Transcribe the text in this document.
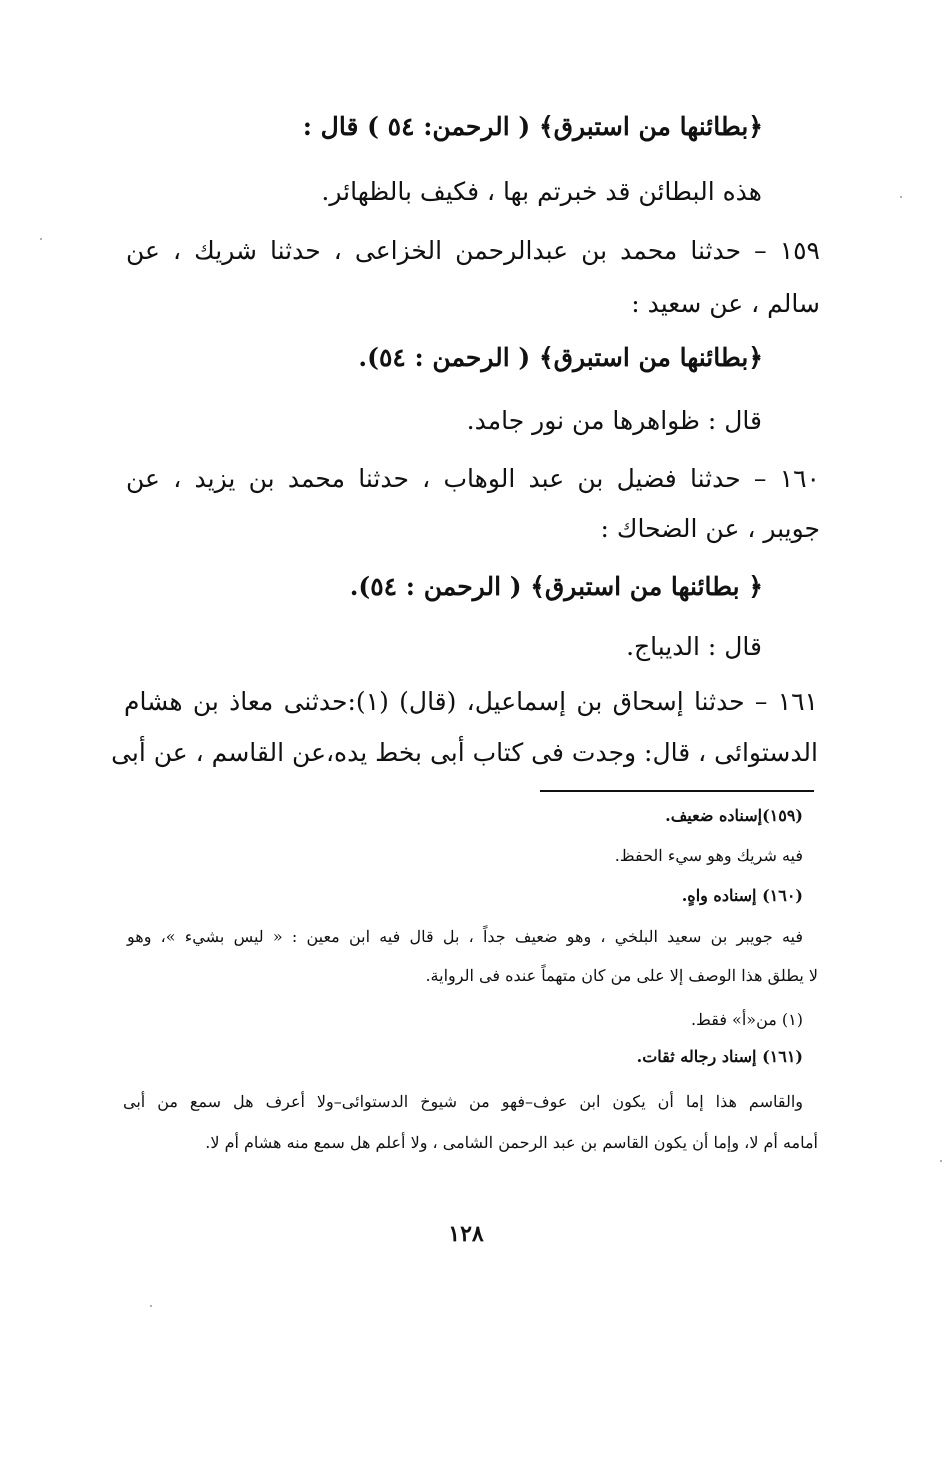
﴿بطائنها من استبرق﴾ ( الرحمن: ٥٤ ) قال :
هذه البطائن قد خبرتم بها ، فكيف بالظهائر.
١٥٩ – حدثنا محمد بن عبدالرحمن الخزاعى ، حدثنا شريك ، عن
سالم ، عن سعيد :
﴿بطائنها من استبرق﴾ ( الرحمن : ٥٤).
قال : ظواهرها من نور جامد.
١٦٠ – حدثنا فضيل بن عبد الوهاب ، حدثنا محمد بن يزيد ، عن
جويبر ، عن الضحاك :
﴿ بطائنها من استبرق﴾ ( الرحمن : ٥٤).
قال : الديباج.
١٦١ – حدثنا إسحاق بن إسماعيل، (قال) (١):حدثنى معاذ بن هشام
الدستوائى ، قال: وجدت فى كتاب أبى بخط يده،عن القاسم ، عن أبى
(١٥٩)إسناده ضعيف.
فيه شريك وهو سيء الحفظ.
(١٦٠) إسناده واهٍ.
فيه جويبر بن سعيد البلخي ، وهو ضعيف جداً ، بل قال فيه ابن معين : « ليس بشيء »، وهو
لا يطلق هذا الوصف إلا على من كان متهماً عنده فى الرواية.
(١) من«أ» فقط.
(١٦١) إسناد رجاله ثقات.
والقاسم هذا إما أن يكون ابن عوف–فهو من شيوخ الدستوائى–ولا أعرف هل سمع من أبى
أمامه أم لا، وإما أن يكون القاسم بن عبد الرحمن الشامى ، ولا أعلم هل سمع منه هشام أم لا.
١٢٨
